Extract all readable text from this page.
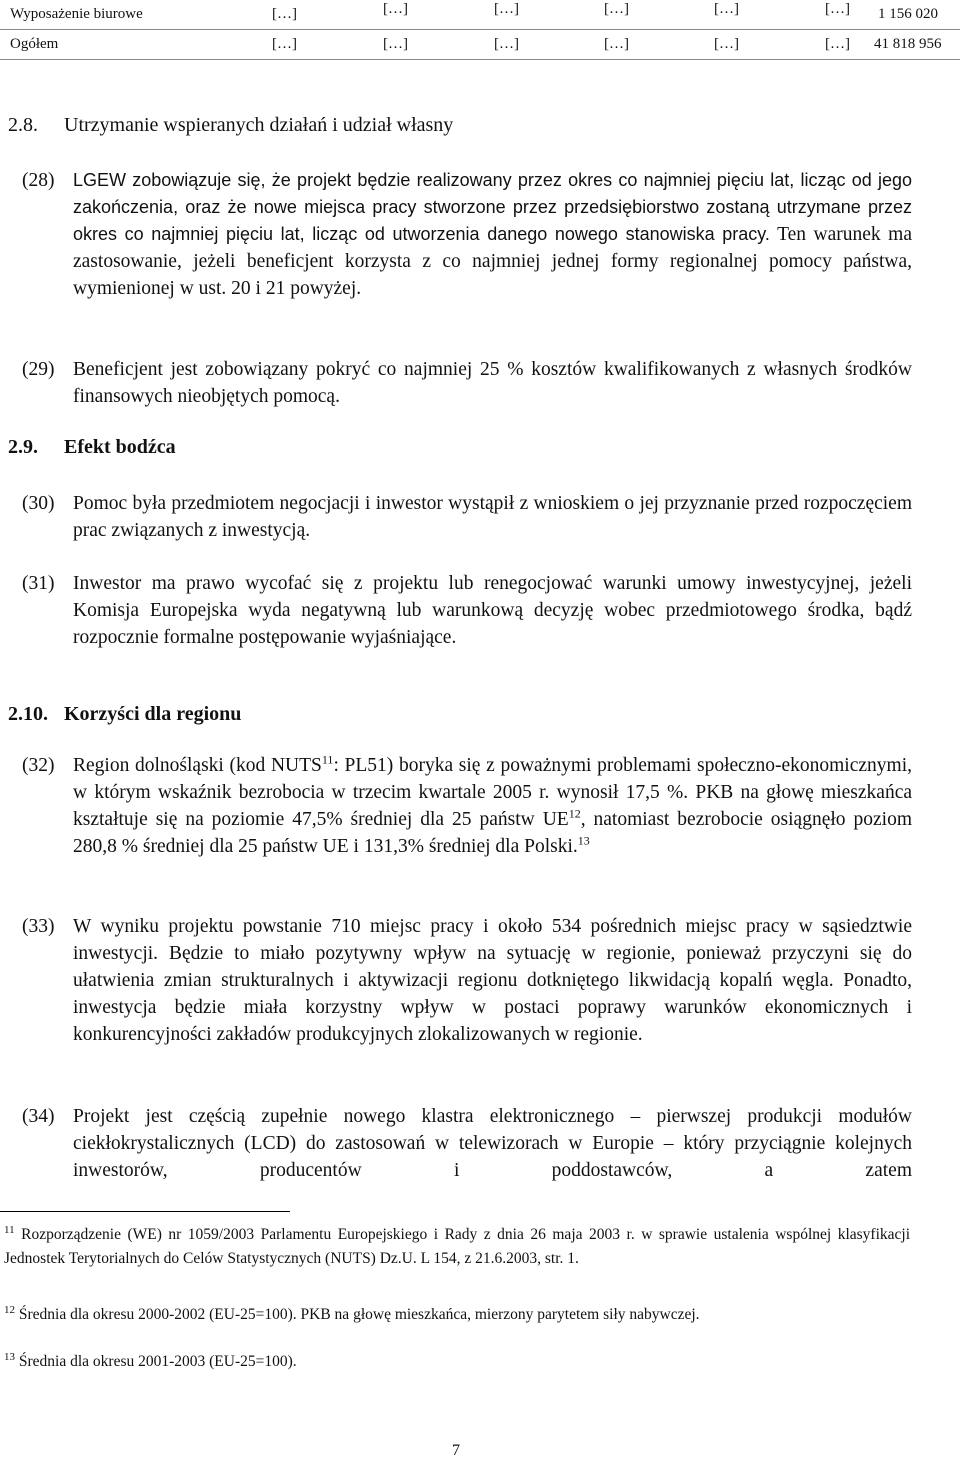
Wyposażenie biurowe	[…]	[…]	[…]	[…]	[…]	[…] 1 156 020
Ogółem	[…]	[…]	[…]	[…]	[…]	[…] 41 818 956
2.8. Utrzymanie wspieranych działań i udział własny
(28) LGEW zobowiązuje się, że projekt będzie realizowany przez okres co najmniej pięciu lat, licząc od jego zakończenia, oraz że nowe miejsca pracy stworzone przez przedsiębiorstwo zostaną utrzymane przez okres co najmniej pięciu lat, licząc od utworzenia danego nowego stanowiska pracy. Ten warunek ma zastosowanie, jeżeli beneficjent korzysta z co najmniej jednej formy regionalnej pomocy państwa, wymienionej w ust. 20 i 21 powyżej.
(29) Beneficjent jest zobowiązany pokryć co najmniej 25 % kosztów kwalifikowanych z własnych środków finansowych nieobjętych pomocą.
2.9. Efekt bodźca
(30) Pomoc była przedmiotem negocjacji i inwestor wystąpił z wnioskiem o jej przyznanie przed rozpoczęciem prac związanych z inwestycją.
(31) Inwestor ma prawo wycofać się z projektu lub renegocjować warunki umowy inwestycyjnej, jeżeli Komisja Europejska wyda negatywną lub warunkową decyzję wobec przedmiotowego środka, bądź rozpocznie formalne postępowanie wyjaśniające.
2.10. Korzyści dla regionu
(32) Region dolnośląski (kod NUTS$^{11}$: PL51) boryka się z poważnymi problemami społeczno-ekonomicznymi, w którym wskaźnik bezrobocia w trzecim kwartale 2005 r. wynosił 17,5 %. PKB na głowę mieszkańca kształtuje się na poziomie 47,5% średniej dla 25 państw UE$^{12}$, natomiast bezrobocie osiągnęło poziom 280,8 % średniej dla 25 państw UE i 131,3% średniej dla Polski.$^{13}$
(33) W wyniku projektu powstanie 710 miejsc pracy i około 534 pośrednich miejsc pracy w sąsiedztwie inwestycji. Będzie to miało pozytywny wpływ na sytuację w regionie, ponieważ przyczyni się do ułatwienia zmian strukturalnych i aktywizacji regionu dotkniętego likwidacją kopalń węgla. Ponadto, inwestycja będzie miała korzystny wpływ w postaci poprawy warunków ekonomicznych i konkurencyjności zakładów produkcyjnych zlokalizowanych w regionie.
(34) Projekt jest częścią zupełnie nowego klastra elektronicznego – pierwszej produkcji modułów ciekłokrystalicznych (LCD) do zastosowań w telewizorach w Europie – który przyciągnie kolejnych inwestorów, producentów i poddostawców, a zatem
$^{11}$ Rozporządzenie (WE) nr 1059/2003 Parlamentu Europejskiego i Rady z dnia 26 maja 2003 r. w sprawie ustalenia wspólnej klasyfikacji Jednostek Terytorialnych do Celów Statystycznych (NUTS) Dz.U. L 154, z 21.6.2003, str. 1.
$^{12}$ Średnia dla okresu 2000-2002 (EU-25=100). PKB na głowę mieszkańca, mierzony parytetem siły nabywczej.
$^{13}$ Średnia dla okresu 2001-2003 (EU-25=100).
7
